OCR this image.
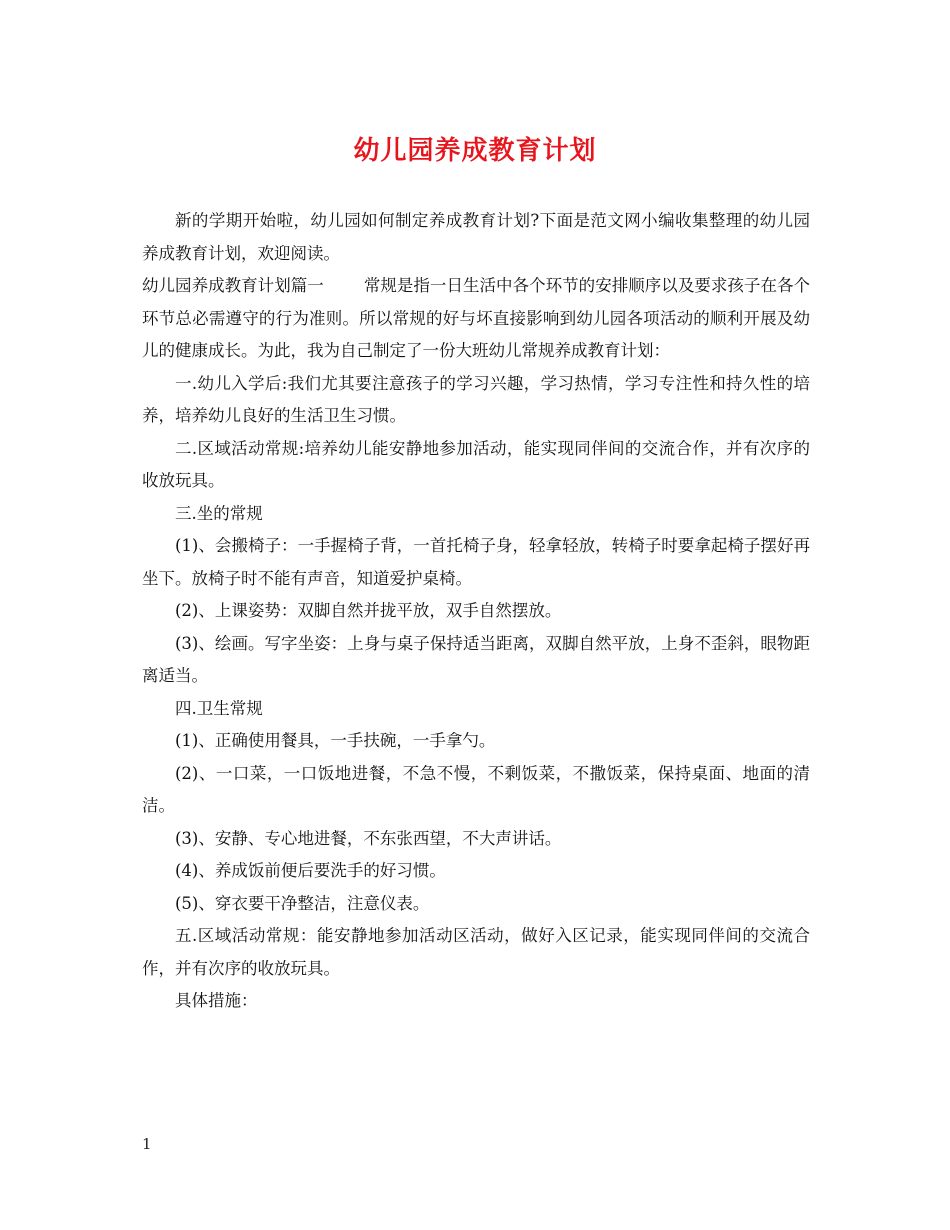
幼儿园养成教育计划

新的学期开始啦，幼儿园如何制定养成教育计划?下面是范文网小编收集整理的幼儿园养成教育计划，欢迎阅读。

幼儿园养成教育计划篇一 常规是指一日生活中各个环节的安排顺序以及要求孩子在各个环节总必需遵守的行为准则。所以常规的好与坏直接影响到幼儿园各项活动的顺利开展及幼儿的健康成长。为此，我为自己制定了一份大班幼儿常规养成教育计划：

一.幼儿入学后:我们尤其要注意孩子的学习兴趣，学习热情，学习专注性和持久性的培养，培养幼儿良好的生活卫生习惯。

二.区域活动常规:培养幼儿能安静地参加活动，能实现同伴间的交流合作，并有次序的收放玩具。

三.坐的常规

(1)、会搬椅子：一手握椅子背，一首托椅子身，轻拿轻放，转椅子时要拿起椅子摆好再坐下。放椅子时不能有声音，知道爱护桌椅。

(2)、上课姿势：双脚自然并拢平放，双手自然摆放。

(3)、绘画。写字坐姿：上身与桌子保持适当距离，双脚自然平放，上身不歪斜，眼物距离适当。

四.卫生常规

(1)、正确使用餐具，一手扶碗，一手拿勺。

(2)、一口菜，一口饭地进餐，不急不慢，不剩饭菜，不撒饭菜，保持桌面、地面的清洁。

(3)、安静、专心地进餐，不东张西望，不大声讲话。

(4)、养成饭前便后要洗手的好习惯。

(5)、穿衣要干净整洁，注意仪表。

五.区域活动常规：能安静地参加活动区活动，做好入区记录，能实现同伴间的交流合作，并有次序的收放玩具。

具体措施：

1
